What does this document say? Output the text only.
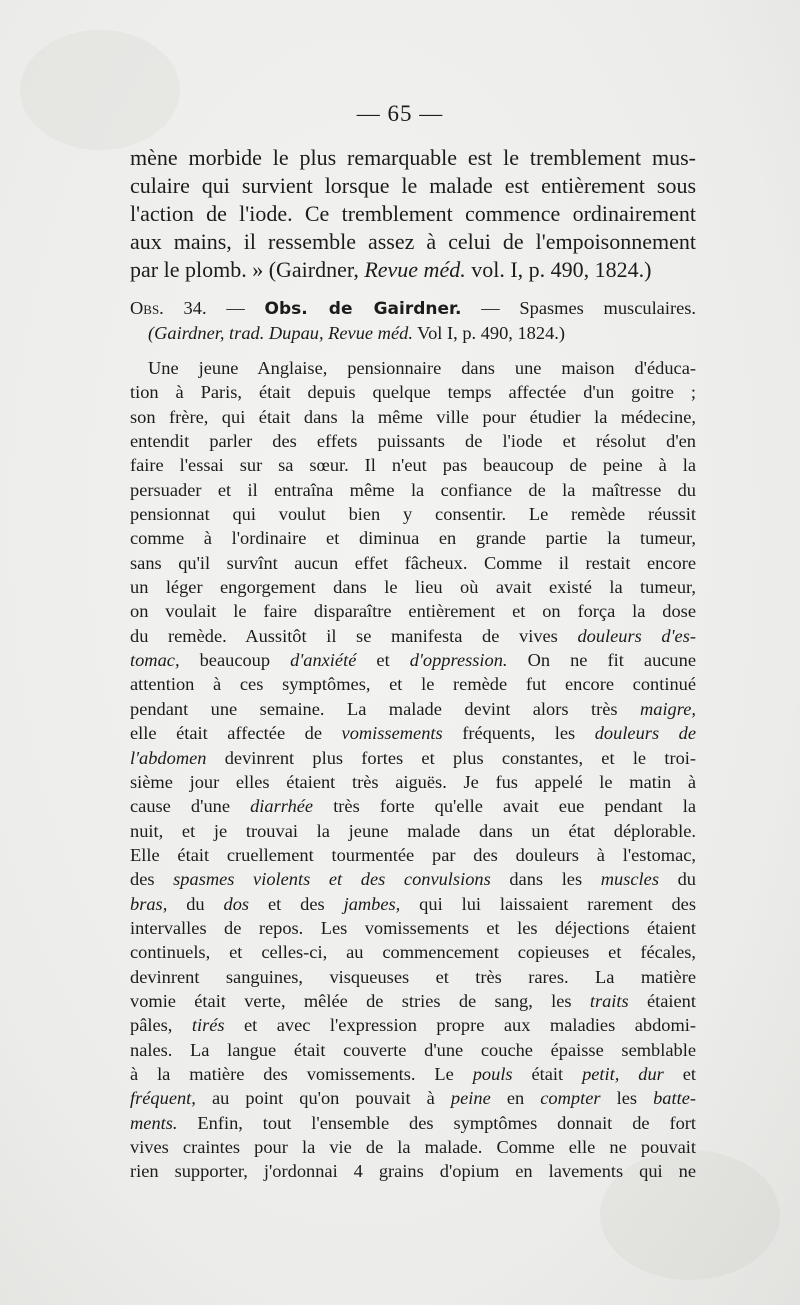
— 65 —
mène morbide le plus remarquable est le tremblement mus-
culaire qui survient lorsque le malade est entièrement sous
l'action de l'iode. Ce tremblement commence ordinairement
aux mains, il ressemble assez à celui de l'empoisonnement
par le plomb. » (Gairdner, Revue méd. vol. I, p. 490, 1824.)
Obs. 34. — Obs. de Gairdner. — Spasmes musculaires.
(Gairdner, trad. Dupau, Revue méd. Vol I, p. 490, 1824.)
Une jeune Anglaise, pensionnaire dans une maison d'éduca-
tion à Paris, était depuis quelque temps affectée d'un goitre ;
son frère, qui était dans la même ville pour étudier la médecine,
entendit parler des effets puissants de l'iode et résolut d'en
faire l'essai sur sa sœur. Il n'eut pas beaucoup de peine à la
persuader et il entraîna même la confiance de la maîtresse du
pensionnat qui voulut bien y consentir. Le remède réussit
comme à l'ordinaire et diminua en grande partie la tumeur,
sans qu'il survînt aucun effet fâcheux. Comme il restait encore
un léger engorgement dans le lieu où avait existé la tumeur,
on voulait le faire disparaître entièrement et on força la dose
du remède. Aussitôt il se manifesta de vives douleurs d'es-
tomac, beaucoup d'anxiété et d'oppression. On ne fit aucune
attention à ces symptômes, et le remède fut encore continué
pendant une semaine. La malade devint alors très maigre,
elle était affectée de vomissements fréquents, les douleurs de
l'abdomen devinrent plus fortes et plus constantes, et le troi-
sième jour elles étaient très aiguës. Je fus appelé le matin à
cause d'une diarrhée très forte qu'elle avait eue pendant la
nuit, et je trouvai la jeune malade dans un état déplorable.
Elle était cruellement tourmentée par des douleurs à l'estomac,
des spasmes violents et des convulsions dans les muscles du
bras, du dos et des jambes, qui lui laissaient rarement des
intervalles de repos. Les vomissements et les déjections étaient
continuels, et celles-ci, au commencement copieuses et fécales,
devinrent sanguines, visqueuses et très rares. La matière
vomie était verte, mêlée de stries de sang, les traits étaient
pâles, tirés et avec l'expression propre aux maladies abdomi-
nales. La langue était couverte d'une couche épaisse semblable
à la matière des vomissements. Le pouls était petit, dur et
fréquent, au point qu'on pouvait à peine en compter les batte-
ments. Enfin, tout l'ensemble des symptômes donnait de fort
vives craintes pour la vie de la malade. Comme elle ne pouvait
rien supporter, j'ordonnai 4 grains d'opium en lavements qui ne
